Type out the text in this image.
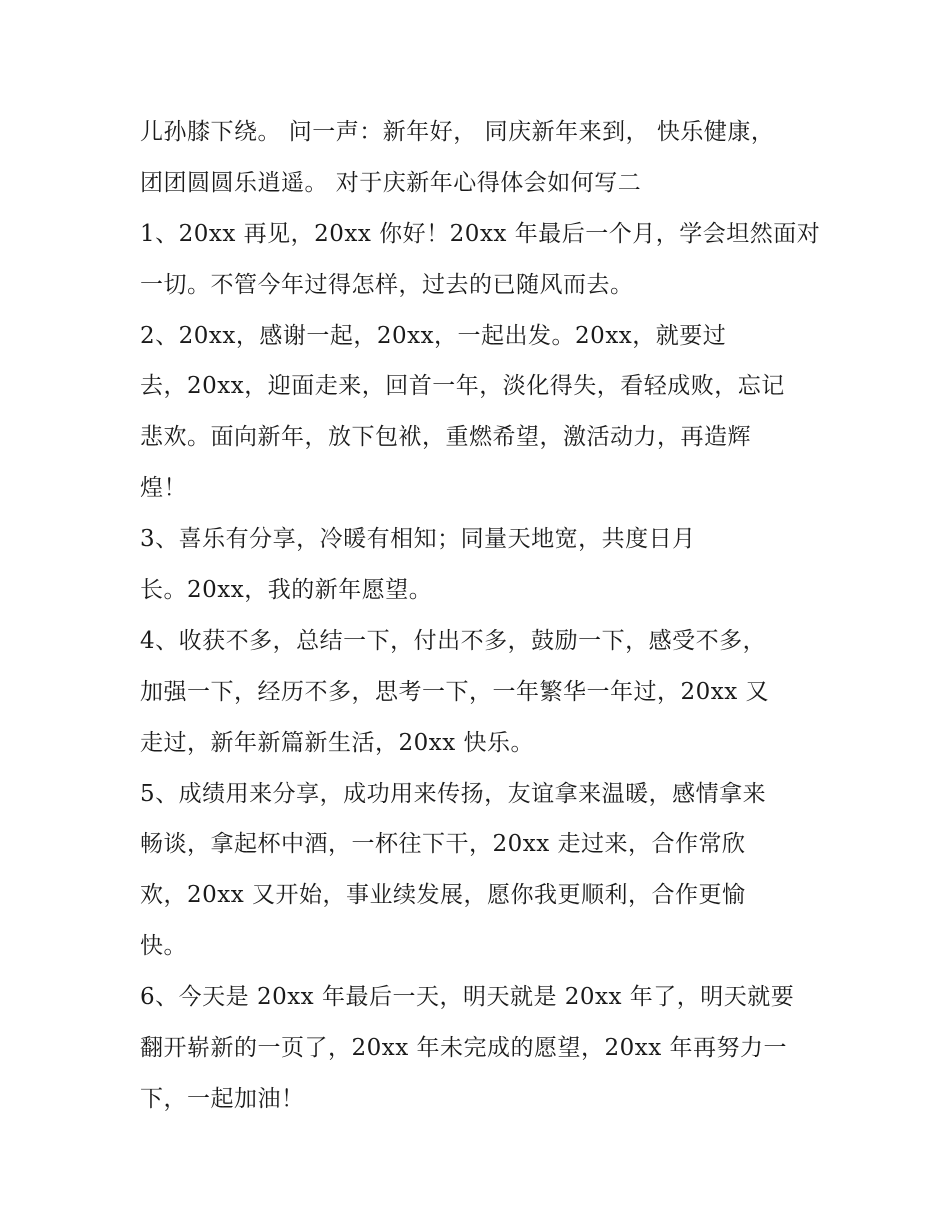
儿孙膝下绕。 问一声：新年好， 同庆新年来到， 快乐健康，
团团圆圆乐逍遥。 对于庆新年心得体会如何写二
1、20xx 再见，20xx 你好！20xx 年最后一个月，学会坦然面对
一切。不管今年过得怎样，过去的已随风而去。
2、20xx，感谢一起，20xx，一起出发。20xx，就要过
去，20xx，迎面走来，回首一年，淡化得失，看轻成败，忘记
悲欢。面向新年，放下包袱，重燃希望，激活动力，再造辉
煌！
3、喜乐有分享，冷暖有相知；同量天地宽，共度日月
长。20xx，我的新年愿望。
4、收获不多，总结一下，付出不多，鼓励一下，感受不多，
加强一下，经历不多，思考一下，一年繁华一年过，20xx 又
走过，新年新篇新生活，20xx 快乐。
5、成绩用来分享，成功用来传扬，友谊拿来温暖，感情拿来
畅谈，拿起杯中酒，一杯往下干，20xx 走过来，合作常欣
欢，20xx 又开始，事业续发展，愿你我更顺利，合作更愉
快。
6、今天是 20xx 年最后一天，明天就是 20xx 年了，明天就要
翻开崭新的一页了，20xx 年未完成的愿望，20xx 年再努力一
下，一起加油！
